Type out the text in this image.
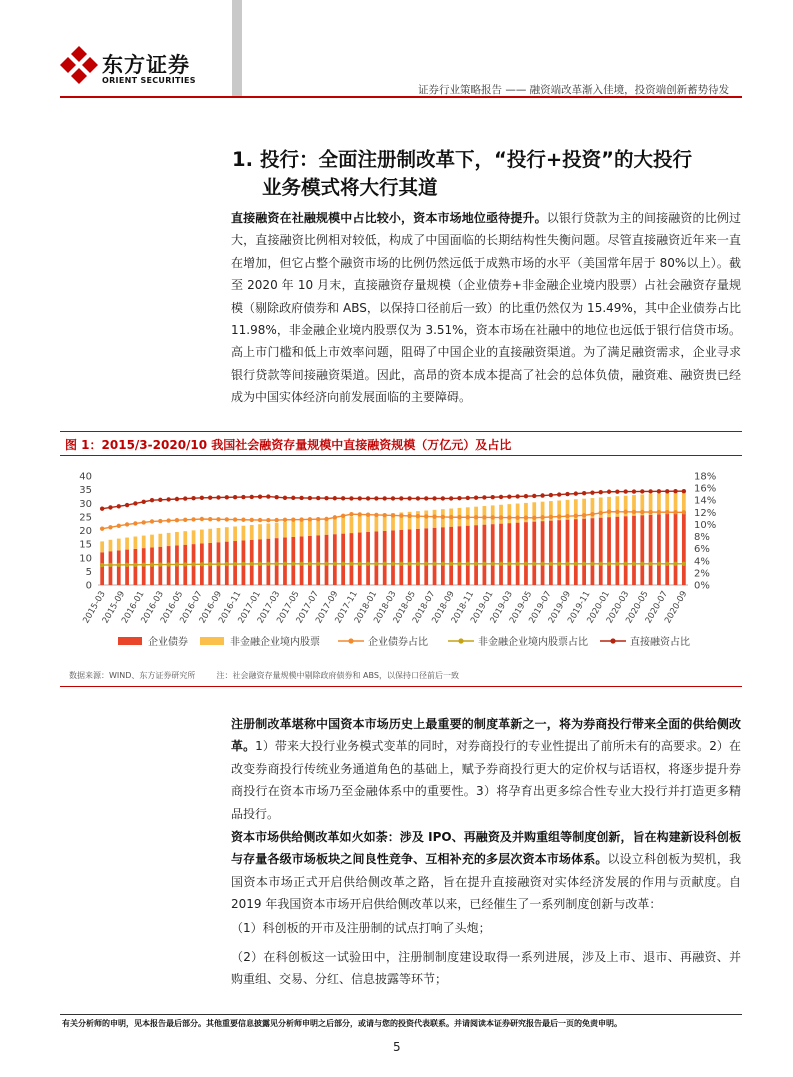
东方证券
ORIENT SECURITIES
证券行业策略报告 —— 融资端改革渐入佳境，投资端创新蓄势待发
1. 投行：全面注册制改革下，“投行+投资”的大投行
业务模式将大行其道
直接融资在社融规模中占比较小，资本市场地位亟待提升。以银行贷款为主的间接融资的比例过大，直接融资比例相对较低，构成了中国面临的长期结构性失衡问题。尽管直接融资近年来一直在增加，但它占整个融资市场的比例仍然远低于成熟市场的水平（美国常年居于 80%以上）。截至 2020 年 10 月末，直接融资存量规模（企业债券+非金融企业境内股票）占社会融资存量规模（剔除政府债券和 ABS，以保持口径前后一致）的比重仍然仅为 15.49%，其中企业债券占比 11.98%，非金融企业境内股票仅为 3.51%，资本市场在社融中的地位也远低于银行信贷市场。高上市门槛和低上市效率问题，阻碍了中国企业的直接融资渠道。为了满足融资需求，企业寻求银行贷款等间接融资渠道。因此，高昂的资本成本提高了社会的总体负债，融资难、融资贵已经成为中国实体经济向前发展面临的主要障碍。
图 1：2015/3-2020/10 我国社会融资存量规模中直接融资规模（万亿元）及占比
40
35
30
25
20
15
10
5
0
18%
16%
14%
12%
10%
8%
6%
4%
2%
0%
2015-03
2015-09
2016-01
2016-03
2016-05
2016-07
2016-09
2016-11
2017-01
2017-03
2017-05
2017-07
2017-09
2017-11
2018-01
2018-03
2018-05
2018-07
2018-09
2018-11
2019-01
2019-03
2019-05
2019-07
2019-09
2019-11
2020-01
2020-03
2020-05
2020-07
2020-09
企业债券	非金融企业境内股票	企业债券占比	非金融企业境内股票占比	直接融资占比
数据来源：WIND、东方证券研究所	注：社会融资存量规模中剔除政府债券和 ABS，以保持口径前后一致
注册制改革堪称中国资本市场历史上最重要的制度革新之一，将为券商投行带来全面的供给侧改革。1）带来大投行业务模式变革的同时，对券商投行的专业性提出了前所未有的高要求。2）在改变券商投行传统业务通道角色的基础上，赋予券商投行更大的定价权与话语权，将逐步提升券商投行在资本市场乃至金融体系中的重要性。3）将孕育出更多综合性专业大投行并打造更多精品投行。
资本市场供给侧改革如火如荼：涉及 IPO、再融资及并购重组等制度创新，旨在构建新设科创板与存量各级市场板块之间良性竞争、互相补充的多层次资本市场体系。以设立科创板为契机，我国资本市场正式开启供给侧改革之路，旨在提升直接融资对实体经济发展的作用与贡献度。自 2019 年我国资本市场开启供给侧改革以来，已经催生了一系列制度创新与改革：
（1）科创板的开市及注册制的试点打响了头炮；
（2）在科创板这一试验田中，注册制制度建设取得一系列进展，涉及上市、退市、再融资、并购重组、交易、分红、信息披露等环节；
有关分析师的申明，见本报告最后部分。其他重要信息披露见分析师申明之后部分，或请与您的投资代表联系。并请阅读本证券研究报告最后一页的免责申明。
5
